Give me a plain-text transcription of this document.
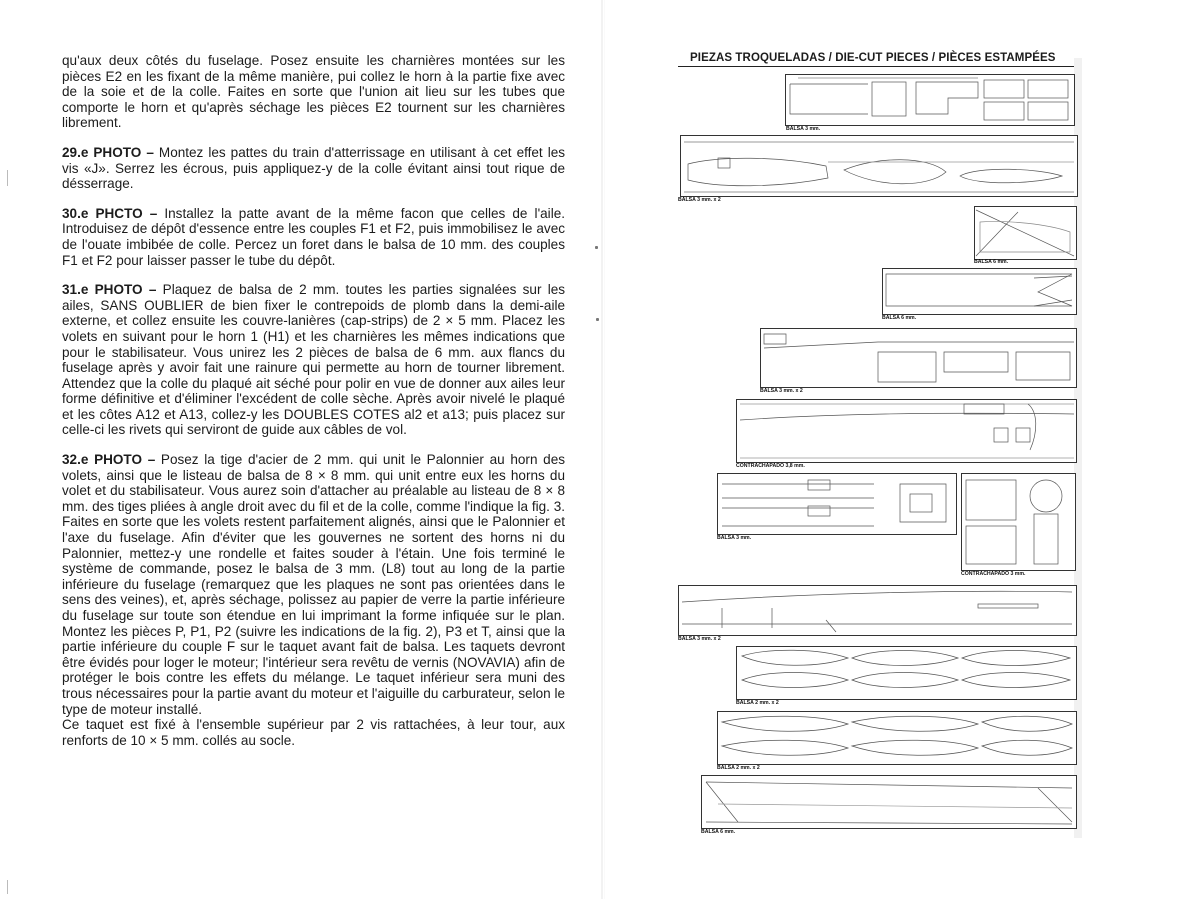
qu'aux deux côtés du fuselage. Posez ensuite les charnières montées sur les pièces E2 en les fixant de la même manière, pui collez le horn à la partie fixe avec de la soie et de la colle. Faites en sorte que l'union ait lieu sur les tubes que comporte le horn et qu'après séchage les pièces E2 tournent sur les charnières librement.

29.e PHOTO – Montez les pattes du train d'atterrissage en utilisant à cet effet les vis «J». Serrez les écrous, puis appliquez-y de la colle évitant ainsi tout rique de désserrage.

30.e PHCTO – Installez la patte avant de la même facon que celles de l'aile. Introduisez de dépôt d'essence entre les couples F1 et F2, puis immobilisez le avec de l'ouate imbibée de colle. Percez un foret dans le balsa de 10 mm. des couples F1 et F2 pour laisser passer le tube du dépôt.

31.e PHOTO – Plaquez de balsa de 2 mm. toutes les parties signalées sur les ailes, SANS OUBLIER de bien fixer le contrepoids de plomb dans la demi-aile externe, et collez ensuite les couvre-lanières (cap-strips) de 2 × 5 mm. Placez les volets en suivant pour le horn 1 (H1) et les charnières les mêmes indications que pour le stabilisateur. Vous unirez les 2 pièces de balsa de 6 mm. aux flancs du fuselage après y avoir fait une rainure qui permette au horn de tourner librement. Attendez que la colle du plaqué ait séché pour polir en vue de donner aux ailes leur forme définitive et d'éliminer l'excédent de colle sèche. Après avoir nivelé le plaqué et les côtes A12 et A13, collez-y les DOUBLES COTES al2 et a13; puis placez sur celle-ci les rivets qui serviront de guide aux câbles de vol.

32.e PHOTO – Posez la tige d'acier de 2 mm. qui unit le Palonnier au horn des volets, ainsi que le listeau de balsa de 8 × 8 mm. qui unit entre eux les horns du volet et du stabilisateur. Vous aurez soin d'attacher au préalable au listeau de 8 × 8 mm. des tiges pliées à angle droit avec du fil et de la colle, comme l'indique la fig. 3. Faites en sorte que les volets restent parfaitement alignés, ainsi que le Palonnier et l'axe du fuselage. Afin d'éviter que les gouvernes ne sortent des horns ni du Palonnier, mettez-y une rondelle et faites souder à l'étain. Une fois terminé le système de commande, posez le balsa de 3 mm. (L8) tout au long de la partie inférieure du fuselage (remarquez que les plaques ne sont pas orientées dans le sens des veines), et, après séchage, polissez au papier de verre la partie inférieure du fuselage sur toute son étendue en lui imprimant la forme infiquée sur le plan. Montez les pièces P, P1, P2 (suivre les indications de la fig. 2), P3 et T, ainsi que la partie inférieure du couple F sur le taquet avant fait de balsa. Les taquets devront être évidés pour loger le moteur; l'intérieur sera revêtu de vernis (NOVAVIA) afin de protéger le bois contre les effets du mélange. Le taquet inférieur sera muni des trous nécessaires pour la partie avant du moteur et l'aiguille du carburateur, selon le type de moteur installé.

Ce taquet est fixé à l'ensemble supérieur par 2 vis rattachées, à leur tour, aux renforts de 10 × 5 mm. collés au socle.

PIEZAS TROQUELADAS / DIE-CUT PIECES / PIÈCES ESTAMPÉES
BALSA 3 mm.
BALSA 3 mm. x 2
BALSA 6 mm.
BALSA 6 mm.
BALSA 3 mm. x 2
CONTRACHAPADO 3,8 mm.
BALSA 3 mm.
CONTRACHAPADO 3 mm.
BALSA 3 mm. x 2
BALSA 2 mm. x 2
BALSA 2 mm. x 2
BALSA 6 mm.
